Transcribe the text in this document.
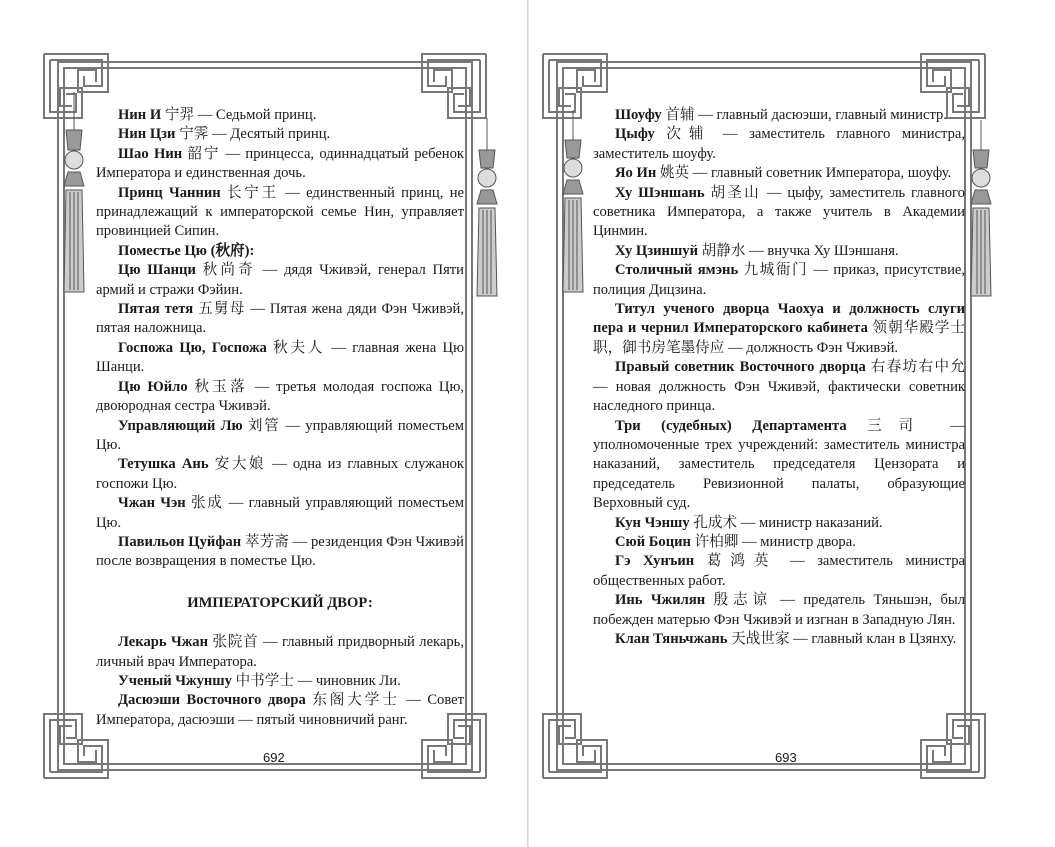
Нин И 宁羿 — Седьмой принц.

Нин Цзи 宁霁 — Десятый принц.

Шао Нин 韶宁 — принцесса, одиннадцатый ребенок Императора и единственная дочь.

Принц Чаннин 长宁王 — единственный принц, не принадлежащий к императорской семье Нин, управляет провинцией Сипин.

Поместье Цю (秋府):

Цю Шанци 秋尚奇 — дядя Чживэй, генерал Пяти армий и стражи Фэйин.

Пятая тетя 五舅母 — Пятая жена дяди Фэн Чживэй, пятая наложница.

Госпожа Цю, Госпожа 秋夫人 — главная жена Цю Шанци.

Цю Юйло 秋玉落 — третья молодая госпожа Цю, двоюродная сестра Чживэй.

Управляющий Лю 刘管 — управляющий поместьем Цю.

Тетушка Ань 安大娘 — одна из главных служанок госпожи Цю.

Чжан Чэн 张成 — главный управляющий поместьем Цю.

Павильон Цуйфан 萃芳斋 — резиденция Фэн Чживэй после возвращения в поместье Цю.

ИМПЕРАТОРСКИЙ ДВОР:

Лекарь Чжан 张院首 — главный придворный лекарь, личный врач Императора.

Ученый Чжуншу 中书学士 — чиновник Ли.

Дасюэши Восточного двора 东阁大学士 — Совет Императора, дасюэши — пятый чиновничий ранг.

692

Шоуфу 首辅 — главный дасюэши, главный министр.

Цыфу 次辅 — заместитель главного министра, заместитель шоуфу.

Яо Ин 姚英 — главный советник Императора, шоуфу.

Ху Шэншань 胡圣山 — цыфу, заместитель главного советника Императора, а также учитель в Академии Цинмин.

Ху Цзиншуй 胡静水 — внучка Ху Шэншаня.

Столичный ямэнь 九城衙门 — приказ, присутствие, полиция Дицзина.

Титул ученого дворца Чаохуа и должность слуги пера и чернил Императорского кабинета 领朝华殿学士职，御书房笔墨侍应 — должность Фэн Чживэй.

Правый советник Восточного дворца 右春坊右中允 — новая должность Фэн Чживэй, фактически советник наследного принца.

Три (судебных) Департамента 三司 — уполномоченные трех учреждений: заместитель министра наказаний, заместитель председателя Цензората и председатель Ревизионной палаты, образующие Верховный суд.

Кун Чэншу 孔成术 — министр наказаний.

Сюй Боцин 许柏卿 — министр двора.

Гэ Хунъин 葛鸿英 — заместитель министра общественных работ.

Инь Чжилян 殷志谅 — предатель Тяньшэн, был побежден матерью Фэн Чживэй и изгнан в Западную Лян.

Клан Тяньчжань 天战世家 — главный клан в Цзянху.

693
